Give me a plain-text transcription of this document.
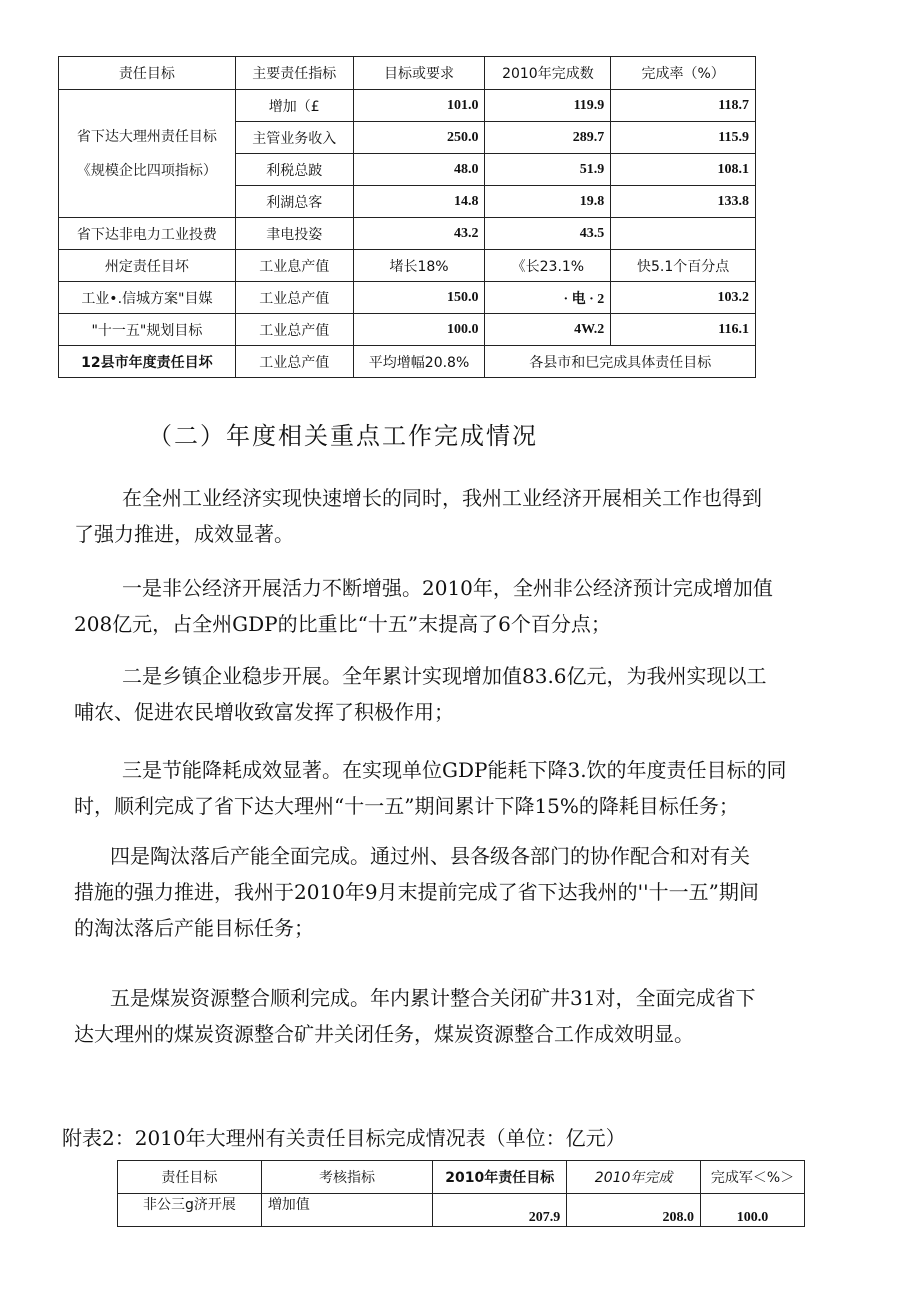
责任目标	主要责任指标	目标或要求	2010年完成数	完成率（%）

省下达大理州责任目标
《规模企比四项指标）	增加（£	101.0	119.9	118.7
	主管业务收入	250.0	289.7	115.9
	利税总跛	48.0	51.9	108.1
	利湖总客	14.8	19.8	133.8
省下达非电力工业投费	聿电投姿	43.2	43.5	
州定责任目坏	工业息产值	堵长18%	《长23.1%	快5.1个百分点
工业•.信城方案"目媒	工业总产值	150.0	· 电 · 2	103.2
"十一五"规划目标	工业总产值	100.0	4W.2	116.1
12县市年度责任目坏	工业总产值	平均增幅20.8%	各县市和巳完成具体责任目标	
（二）年度相关重点工作完成情况

在全州工业经济实现快速增长的同时，我州工业经济开展相关工作也得到
了强力推进，成效显著。

一是非公经济开展活力不断增强。2010年，全州非公经济预计完成增加值
208亿元，占全州GDP的比重比“十五”末提高了6个百分点；

二是乡镇企业稳步开展。全年累计实现增加值83.6亿元，为我州实现以工
哺农、促进农民增收致富发挥了积极作用；

三是节能降耗成效显著。在实现单位GDP能耗下降3.饮的年度责任目标的同
时，顺利完成了省下达大理州“十一五”期间累计下降15%的降耗目标任务；

四是陶汰落后产能全面完成。通过州、县各级各部门的协作配合和对有关
措施的强力推进，我州于2010年9月末提前完成了省下达我州的''十一五”期间
的淘汰落后产能目标任务；

五是煤炭资源整合顺利完成。年内累计整合关闭矿井31对，全面完成省下
达大理州的煤炭资源整合矿井关闭任务，煤炭资源整合工作成效明显。

附表2：2010年大理州有关责任目标完成情况表（单位：亿元）

责任目标	考核指标	2010年责任目标	2010年完成	完成军＜%＞
非公三g济开展	増加值	207.9	208.0	100.0
